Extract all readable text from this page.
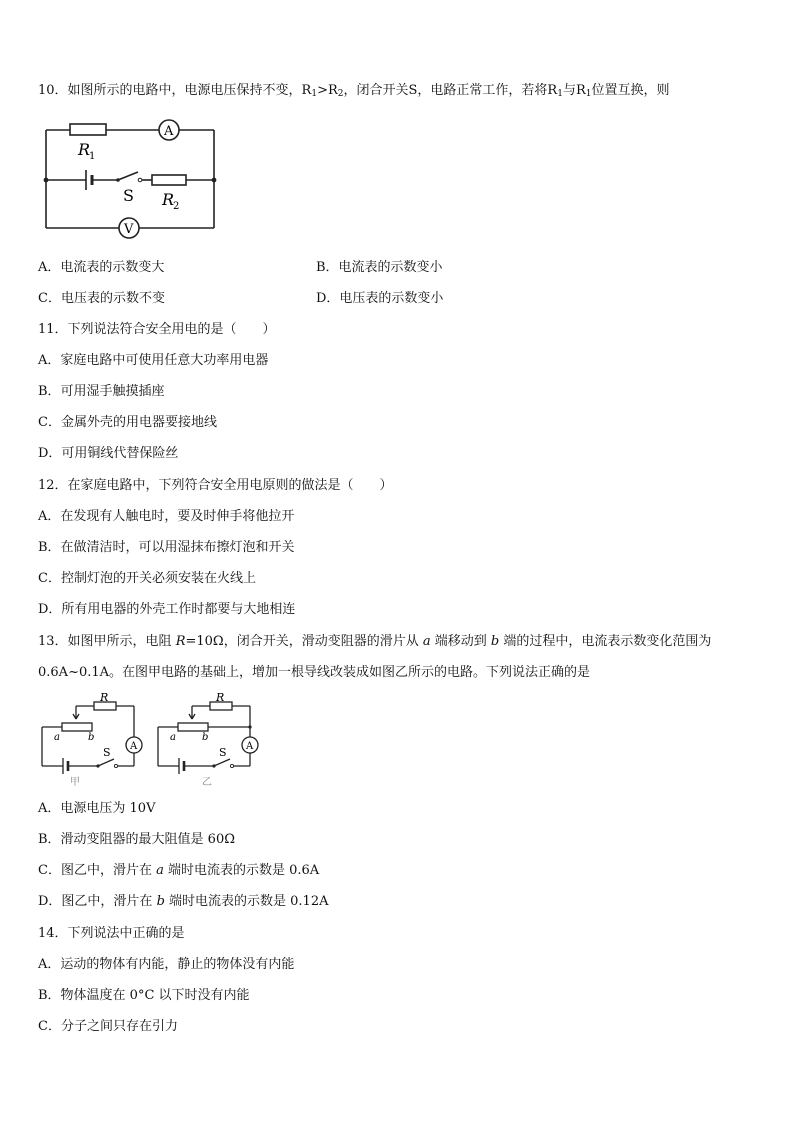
10．如图所示的电路中，电源电压保持不变，$R_1>R_2$，闭合开关S，电路正常工作，若将$R_1$与$R_1$位置互换，则
A
V
R
1
S R
2
A．电流表的示数变大	B．电流表的示数变小
C．电压表的示数不变	D．电压表的示数变小
11．下列说法符合安全用电的是（　　）
A．家庭电路中可使用任意大功率用电器
B．可用湿手触摸插座
C．金属外壳的用电器要接地线
D．可用铜线代替保险丝
12．在家庭电路中，下列符合安全用电原则的做法是（　　）
A．在发现有人触电时，要及时伸手将他拉开
B．在做清洁时，可以用湿抹布擦灯泡和开关
C．控制灯泡的开关必须安装在火线上
D．所有用电器的外壳工作时都要与大地相连
13．如图甲所示，电阻 R=10Ω，闭合开关，滑动变阻器的滑片从 a 端移动到 b 端的过程中，电流表示数变化范围为
0.6A~0.1A。在图甲电路的基础上，增加一根导线改装成如图乙所示的电路。下列说法正确的是
R
a	b
S A
甲
R
a	b
S A
乙
A．电源电压为 10V
B．滑动变阻器的最大阻值是 60Ω
C．图乙中，滑片在 a 端时电流表的示数是 0.6A
D．图乙中，滑片在 b 端时电流表的示数是 0.12A
14．下列说法中正确的是
A．运动的物体有内能，静止的物体没有内能
B．物体温度在 0°C 以下时没有内能
C．分子之间只存在引力
